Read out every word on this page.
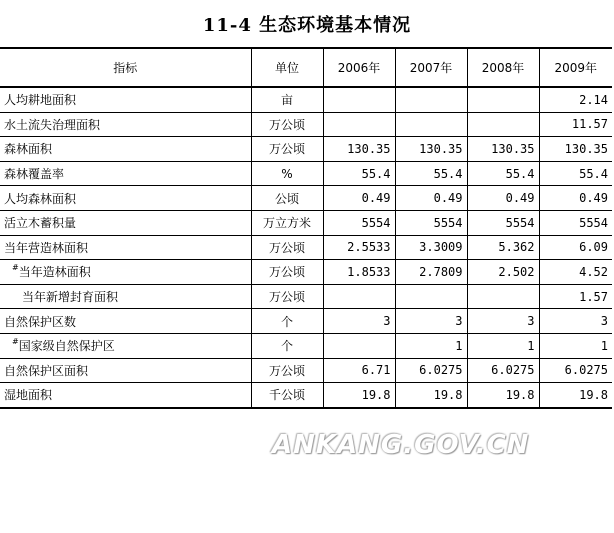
11-4 生态环境基本情况
指标	单位	2006年	2007年	2008年	2009年
人均耕地面积	亩				2.14
水土流失治理面积	万公顷				11.57
森林面积	万公顷	130.35	130.35	130.35	130.35
森林覆盖率	%	55.4	55.4	55.4	55.4
人均森林面积	公顷	0.49	0.49	0.49	0.49
活立木蓄积量	万立方米	5554	5554	5554	5554
当年营造林面积	万公顷	2.5533	3.3009	5.362	6.09
#当年造林面积	万公顷	1.8533	2.7809	2.502	4.52
当年新增封育面积	万公顷				1.57
自然保护区数	个	3	3	3	3
#国家级自然保护区	个		1	1	1
自然保护区面积	万公顷	6.71	6.0275	6.0275	6.0275
湿地面积	千公顷	19.8	19.8	19.8	19.8
ANKANG.GOV.CN
